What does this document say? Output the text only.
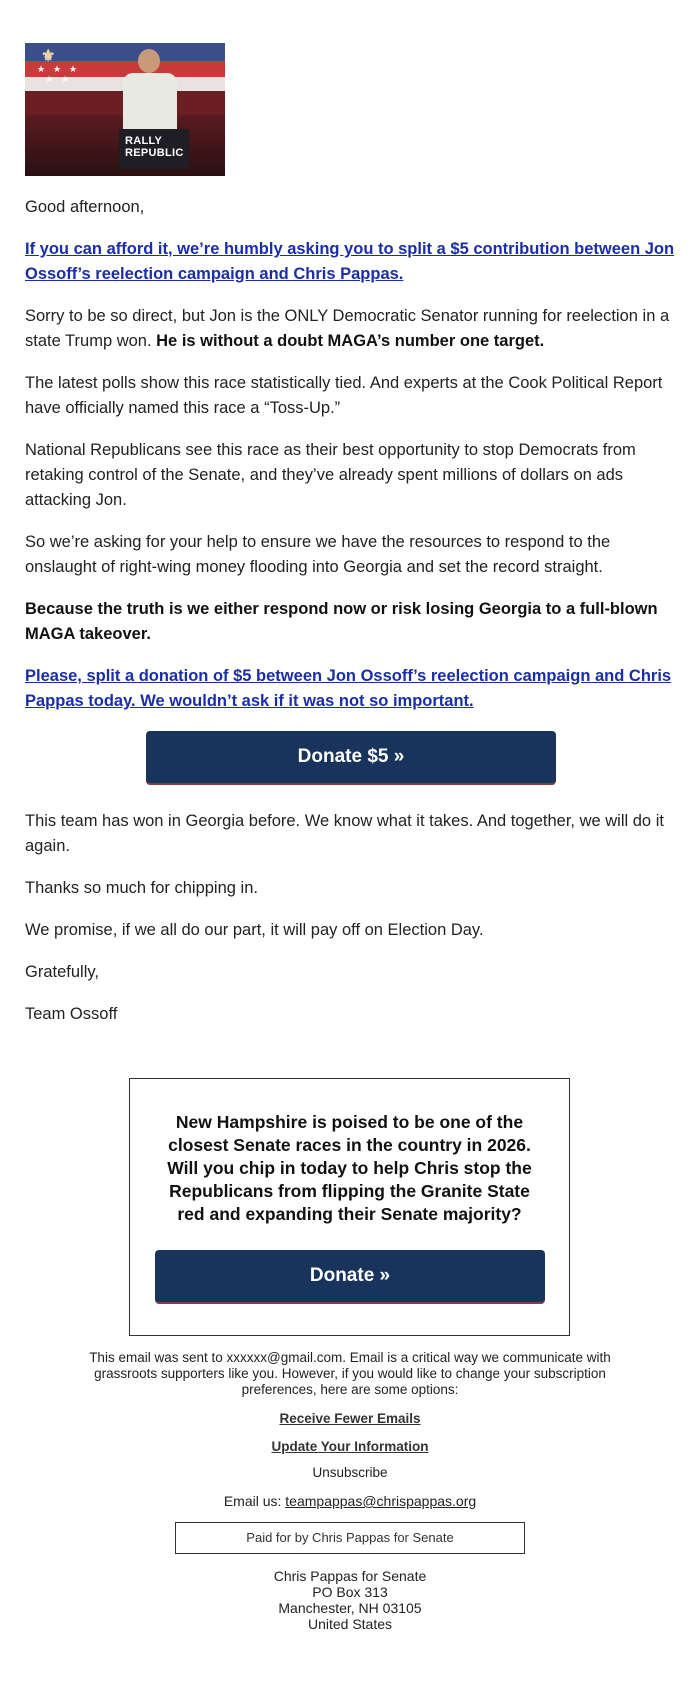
★ ★ ★
★ ★
⚜
RALLY REPUBLIC

Good afternoon,

If you can afford it, we’re humbly asking you to split a $5 contribution between Jon Ossoff’s reelection campaign and Chris Pappas.

Sorry to be so direct, but Jon is the ONLY Democratic Senator running for reelection in a state Trump won. He is without a doubt MAGA’s number one target.

The latest polls show this race statistically tied. And experts at the Cook Political Report have officially named this race a “Toss-Up.”

National Republicans see this race as their best opportunity to stop Democrats from retaking control of the Senate, and they’ve already spent millions of dollars on ads attacking Jon.

So we’re asking for your help to ensure we have the resources to respond to the onslaught of right-wing money flooding into Georgia and set the record straight.

Because the truth is we either respond now or risk losing Georgia to a full-blown MAGA takeover.

Please, split a donation of $5 between Jon Ossoff’s reelection campaign and Chris Pappas today. We wouldn’t ask if it was not so important.

Donate $5 »

This team has won in Georgia before. We know what it takes. And together, we will do it again.

Thanks so much for chipping in.

We promise, if we all do our part, it will pay off on Election Day.

Gratefully,

Team Ossoff

New Hampshire is poised to be one of the closest Senate races in the country in 2026. Will you chip in today to help Chris stop the Republicans from flipping the Granite State red and expanding their Senate majority?
Donate »
This email was sent to xxxxxx@gmail.com. Email is a critical way we communicate with grassroots supporters like you. However, if you would like to change your subscription preferences, here are some options:
Receive Fewer Emails
Update Your Information
Unsubscribe
Email us: teampappas@chrispappas.org
Paid for by Chris Pappas for Senate
Chris Pappas for Senate
PO Box 313
Manchester, NH 03105
United States
